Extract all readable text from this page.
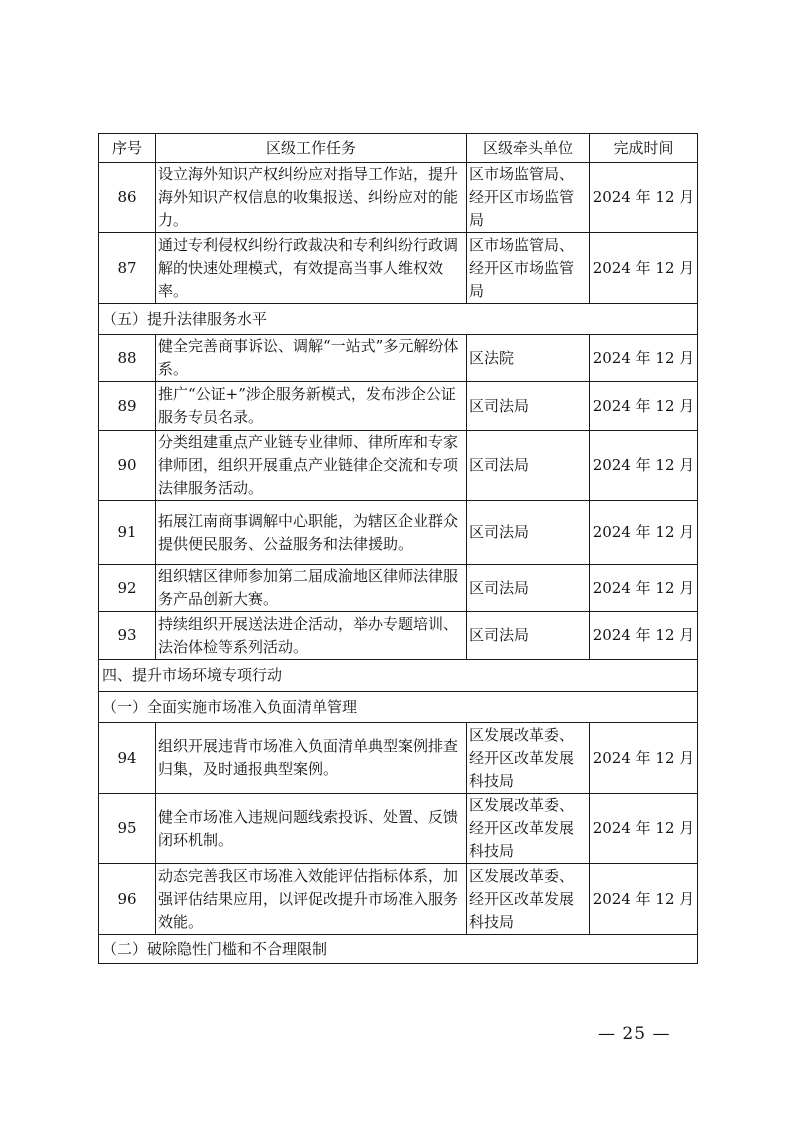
序号	区级工作任务	区级牵头单位	完成时间
86	设立海外知识产权纠纷应对指导工作站，提升海外知识产权信息的收集报送、纠纷应对的能力。	区市场监管局、经开区市场监管局	2024 年 12 月
87	通过专利侵权纠纷行政裁决和专利纠纷行政调解的快速处理模式，有效提高当事人维权效率。	区市场监管局、经开区市场监管局	2024 年 12 月
（五）提升法律服务水平			
88	健全完善商事诉讼、调解“一站式”多元解纷体系。	区法院	2024 年 12 月
89	推广“公证+”涉企服务新模式，发布涉企公证服务专员名录。	区司法局	2024 年 12 月
90	分类组建重点产业链专业律师、律所库和专家律师团，组织开展重点产业链律企交流和专项法律服务活动。	区司法局	2024 年 12 月
91	拓展江南商事调解中心职能，为辖区企业群众提供便民服务、公益服务和法律援助。	区司法局	2024 年 12 月
92	组织辖区律师参加第二届成渝地区律师法律服务产品创新大赛。	区司法局	2024 年 12 月
93	持续组织开展送法进企活动，举办专题培训、法治体检等系列活动。	区司法局	2024 年 12 月
四、提升市场环境专项行动			
（一）全面实施市场准入负面清单管理			
94	组织开展违背市场准入负面清单典型案例排查归集，及时通报典型案例。	区发展改革委、经开区改革发展科技局	2024 年 12 月
95	健全市场准入违规问题线索投诉、处置、反馈闭环机制。	区发展改革委、经开区改革发展科技局	2024 年 12 月
96	动态完善我区市场准入效能评估指标体系，加强评估结果应用，以评促改提升市场准入服务效能。	区发展改革委、经开区改革发展科技局	2024 年 12 月
（二）破除隐性门槛和不合理限制			
— 25 —
